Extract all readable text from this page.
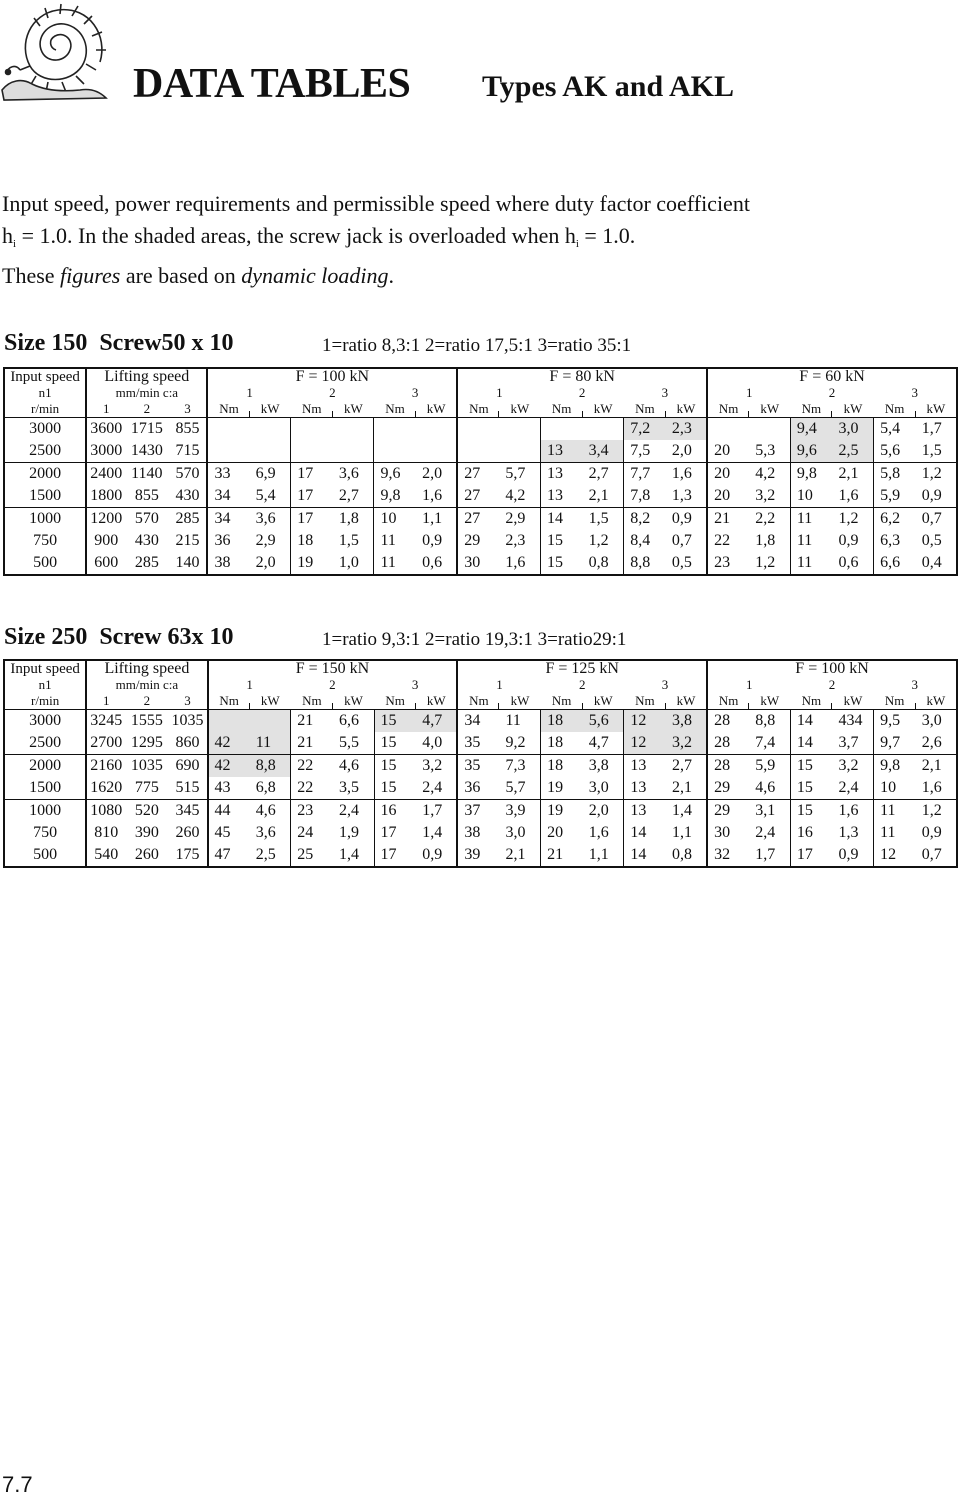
DATA TABLES Types AK and AKL
Input speed, power requirements and permissible speed where duty factor coefficient
$h_i = 1.0$. In the shaded areas, the screw jack is overloaded when $h_i = 1.0$.
These figures are based on dynamic loading.
Size 150 Screw50 x 10	1=ratio 8,3:1 2=ratio 17,5:1 3=ratio 35:1
Input speed	Lifting speed			F = 100 kN						F = 80 kN						F = 60 kN					
n1	mm/min c:a			1		2		3		1		2		3		1		2		3	
r/min	1	2	3	Nm	kW	Nm	kW	Nm	kW	Nm	kW	Nm	kW	Nm	kW	Nm	kW	Nm	kW	Nm	kW
3000	3600	1715	855											7,2	2,3			9,4	3,0	5,4	1,7
2500	3000	1430	715									13	3,4	7,5	2,0	20	5,3	9,6	2,5	5,6	1,5
2000	2400	1140	570	33	6,9	17	3,6	9,6	2,0	27	5,7	13	2,7	7,7	1,6	20	4,2	9,8	2,1	5,8	1,2
1500	1800	855	430	34	5,4	17	2,7	9,8	1,6	27	4,2	13	2,1	7,8	1,3	20	3,2	10	1,6	5,9	0,9
1000	1200	570	285	34	3,6	17	1,8	10	1,1	27	2,9	14	1,5	8,2	0,9	21	2,2	11	1,2	6,2	0,7
750	900	430	215	36	2,9	18	1,5	11	0,9	29	2,3	15	1,2	8,4	0,7	22	1,8	11	0,9	6,3	0,5
500	600	285	140	38	2,0	19	1,0	11	0,6	30	1,6	15	0,8	8,8	0,5	23	1,2	11	0,6	6,6	0,4
Size 250 Screw 63x 10	1=ratio 9,3:1 2=ratio 19,3:1 3=ratio29:1
Input speed	Lifting speed			F = 150 kN						F = 125 kN						F = 100 kN					
n1	mm/min c:a			1		2		3		1		2		3		1		2		3	
r/min	1	2	3	Nm	kW	Nm	kW	Nm	kW	Nm	kW	Nm	kW	Nm	kW	Nm	kW	Nm	kW	Nm	kW
3000	3245	1555	1035			21	6,6	15	4,7	34	11	18	5,6	12	3,8	28	8,8	14	434	9,5	3,0
2500	2700	1295	860	42	11	21	5,5	15	4,0	35	9,2	18	4,7	12	3,2	28	7,4	14	3,7	9,7	2,6
2000	2160	1035	690	42	8,8	22	4,6	15	3,2	35	7,3	18	3,8	13	2,7	28	5,9	15	3,2	9,8	2,1
1500	1620	775	515	43	6,8	22	3,5	15	2,4	36	5,7	19	3,0	13	2,1	29	4,6	15	2,4	10	1,6
1000	1080	520	345	44	4,6	23	2,4	16	1,7	37	3,9	19	2,0	13	1,4	29	3,1	15	1,6	11	1,2
750	810	390	260	45	3,6	24	1,9	17	1,4	38	3,0	20	1,6	14	1,1	30	2,4	16	1,3	11	0,9
500	540	260	175	47	2,5	25	1,4	17	0,9	39	2,1	21	1,1	14	0,8	32	1,7	17	0,9	12	0,7
7.7
